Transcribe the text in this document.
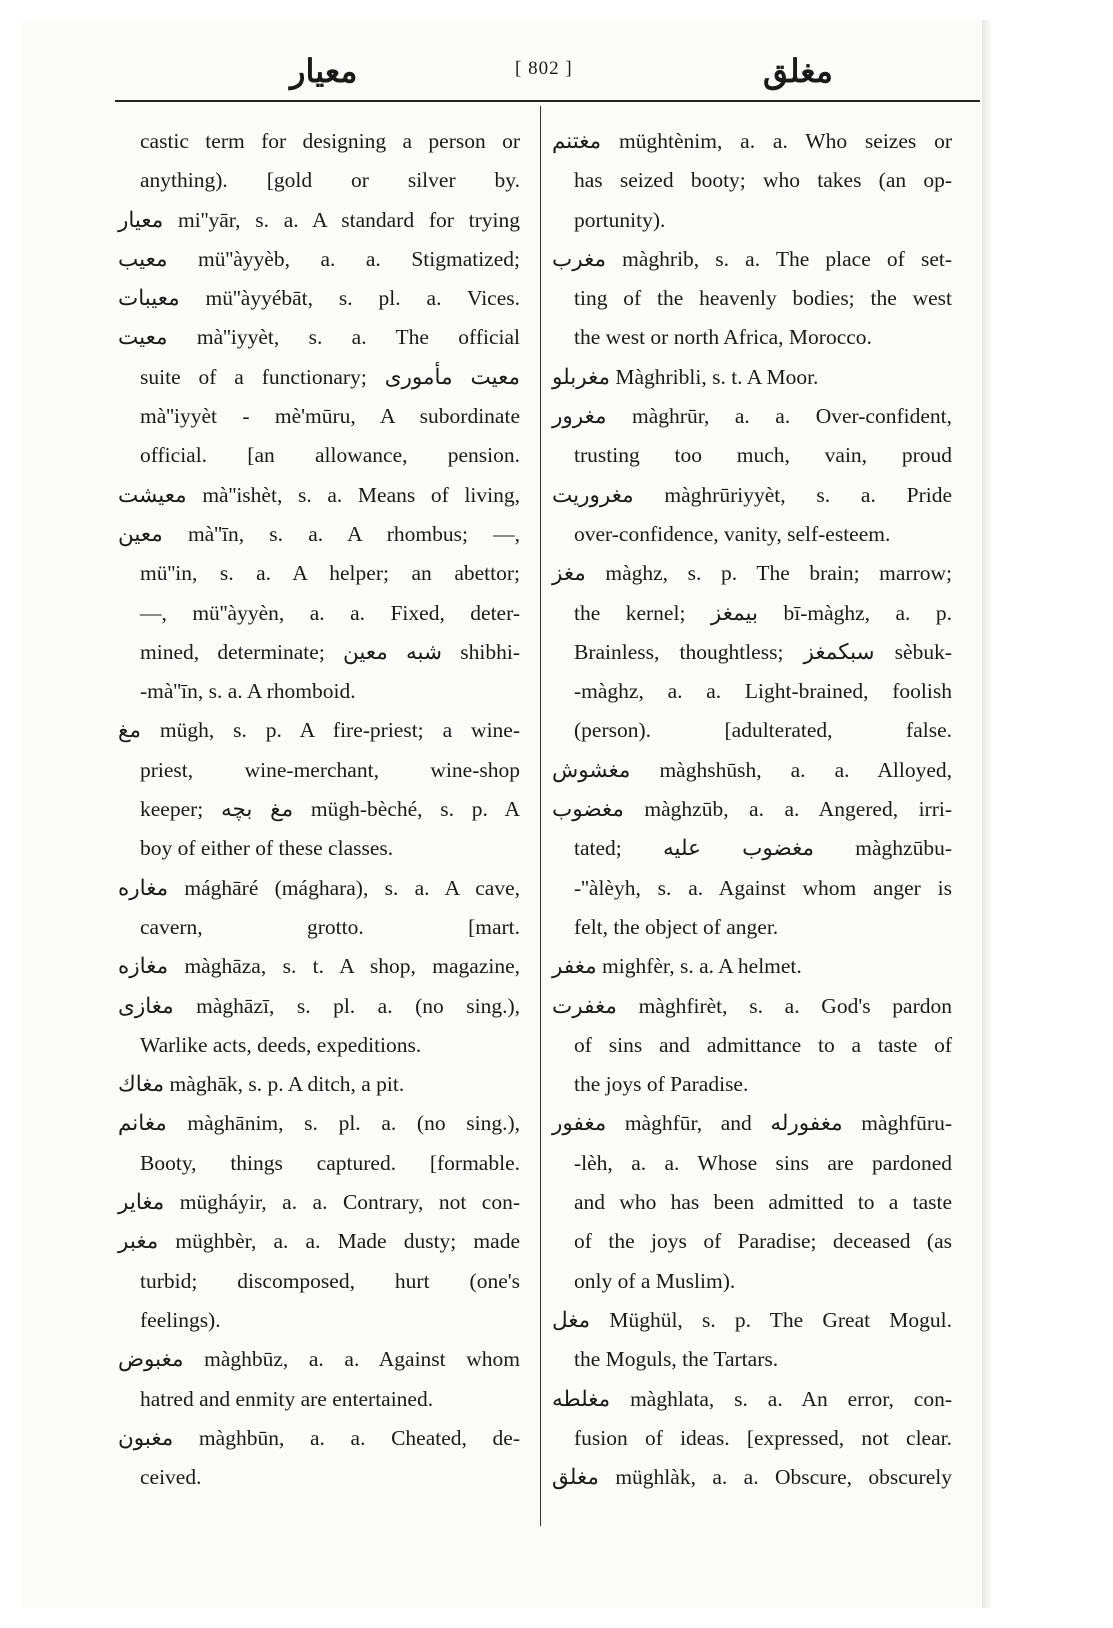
معيار	[ 802 ]	مغلق
castic term for designing a person or
anything). [gold or silver by.
معيار mi''yār, s. a. A standard for trying
معيب mü''àyyèb, a. a. Stigmatized;
معيبات mü''àyyébāt, s. pl. a. Vices.
معيت mà''iyyèt, s. a. The official
suite of a functionary; معيت مأموری
mà''iyyèt - mè'mūru, A subordinate
official. [an allowance, pension.
معيشت mà''ishèt, s. a. Means of living,
معين mà''īn, s. a. A rhombus; —,
mü''in, s. a. A helper; an abettor;
—, mü''àyyèn, a. a. Fixed, deter-
mined, determinate; شبه معين shibhi-
-mà''īn, s. a. A rhomboid.
مغ mügh, s. p. A fire-priest; a wine-
priest, wine-merchant, wine-shop
keeper; مغ بچه mügh-bèché, s. p. A
boy of either of these classes.
مغاره mághāré (mághara), s. a. A cave,
cavern, grotto. [mart.
مغازه màghāza, s. t. A shop, magazine,
مغازی màghāzī, s. pl. a. (no sing.),
Warlike acts, deeds, expeditions.
مغاك màghāk, s. p. A ditch, a pit.
مغانم màghānim, s. pl. a. (no sing.),
Booty, things captured. [formable.
مغاير mügháyir, a. a. Contrary, not con-
مغبر müghbèr, a. a. Made dusty; made
turbid; discomposed, hurt (one's
feelings).
مغبوض màghbūz, a. a. Against whom
hatred and enmity are entertained.
مغبون màghbūn, a. a. Cheated, de-
ceived.
مغتنم müghtènim, a. a. Who seizes or
has seized booty; who takes (an op-
portunity).
مغرب màghrib, s. a. The place of set-
ting of the heavenly bodies; the west
the west or north Africa, Morocco.
مغربلو Màghribli, s. t. A Moor.
مغرور màghrūr, a. a. Over-confident,
trusting too much, vain, proud
مغروريت màghrūriyyèt, s. a. Pride
over-confidence, vanity, self-esteem.
مغز màghz, s. p. The brain; marrow;
the kernel; بيمغز bī-màghz, a. p.
Brainless, thoughtless; سبكمغز sèbuk-
-màghz, a. a. Light-brained, foolish
(person). [adulterated, false.
مغشوش màghshūsh, a. a. Alloyed,
مغضوب màghzūb, a. a. Angered, irri-
tated; مغضوب عليه màghzūbu-
-''àlèyh, s. a. Against whom anger is
felt, the object of anger.
مغفر mighfèr, s. a. A helmet.
مغفرت màghfirèt, s. a. God's pardon
of sins and admittance to a taste of
the joys of Paradise.
مغفور màghfūr, and مغفورله màghfūru-
-lèh, a. a. Whose sins are pardoned
and who has been admitted to a taste
of the joys of Paradise; deceased (as
only of a Muslim).
مغل Müghül, s. p. The Great Mogul.
the Moguls, the Tartars.
مغلطه màghlata, s. a. An error, con-
fusion of ideas. [expressed, not clear.
مغلق müghlàk, a. a. Obscure, obscurely
